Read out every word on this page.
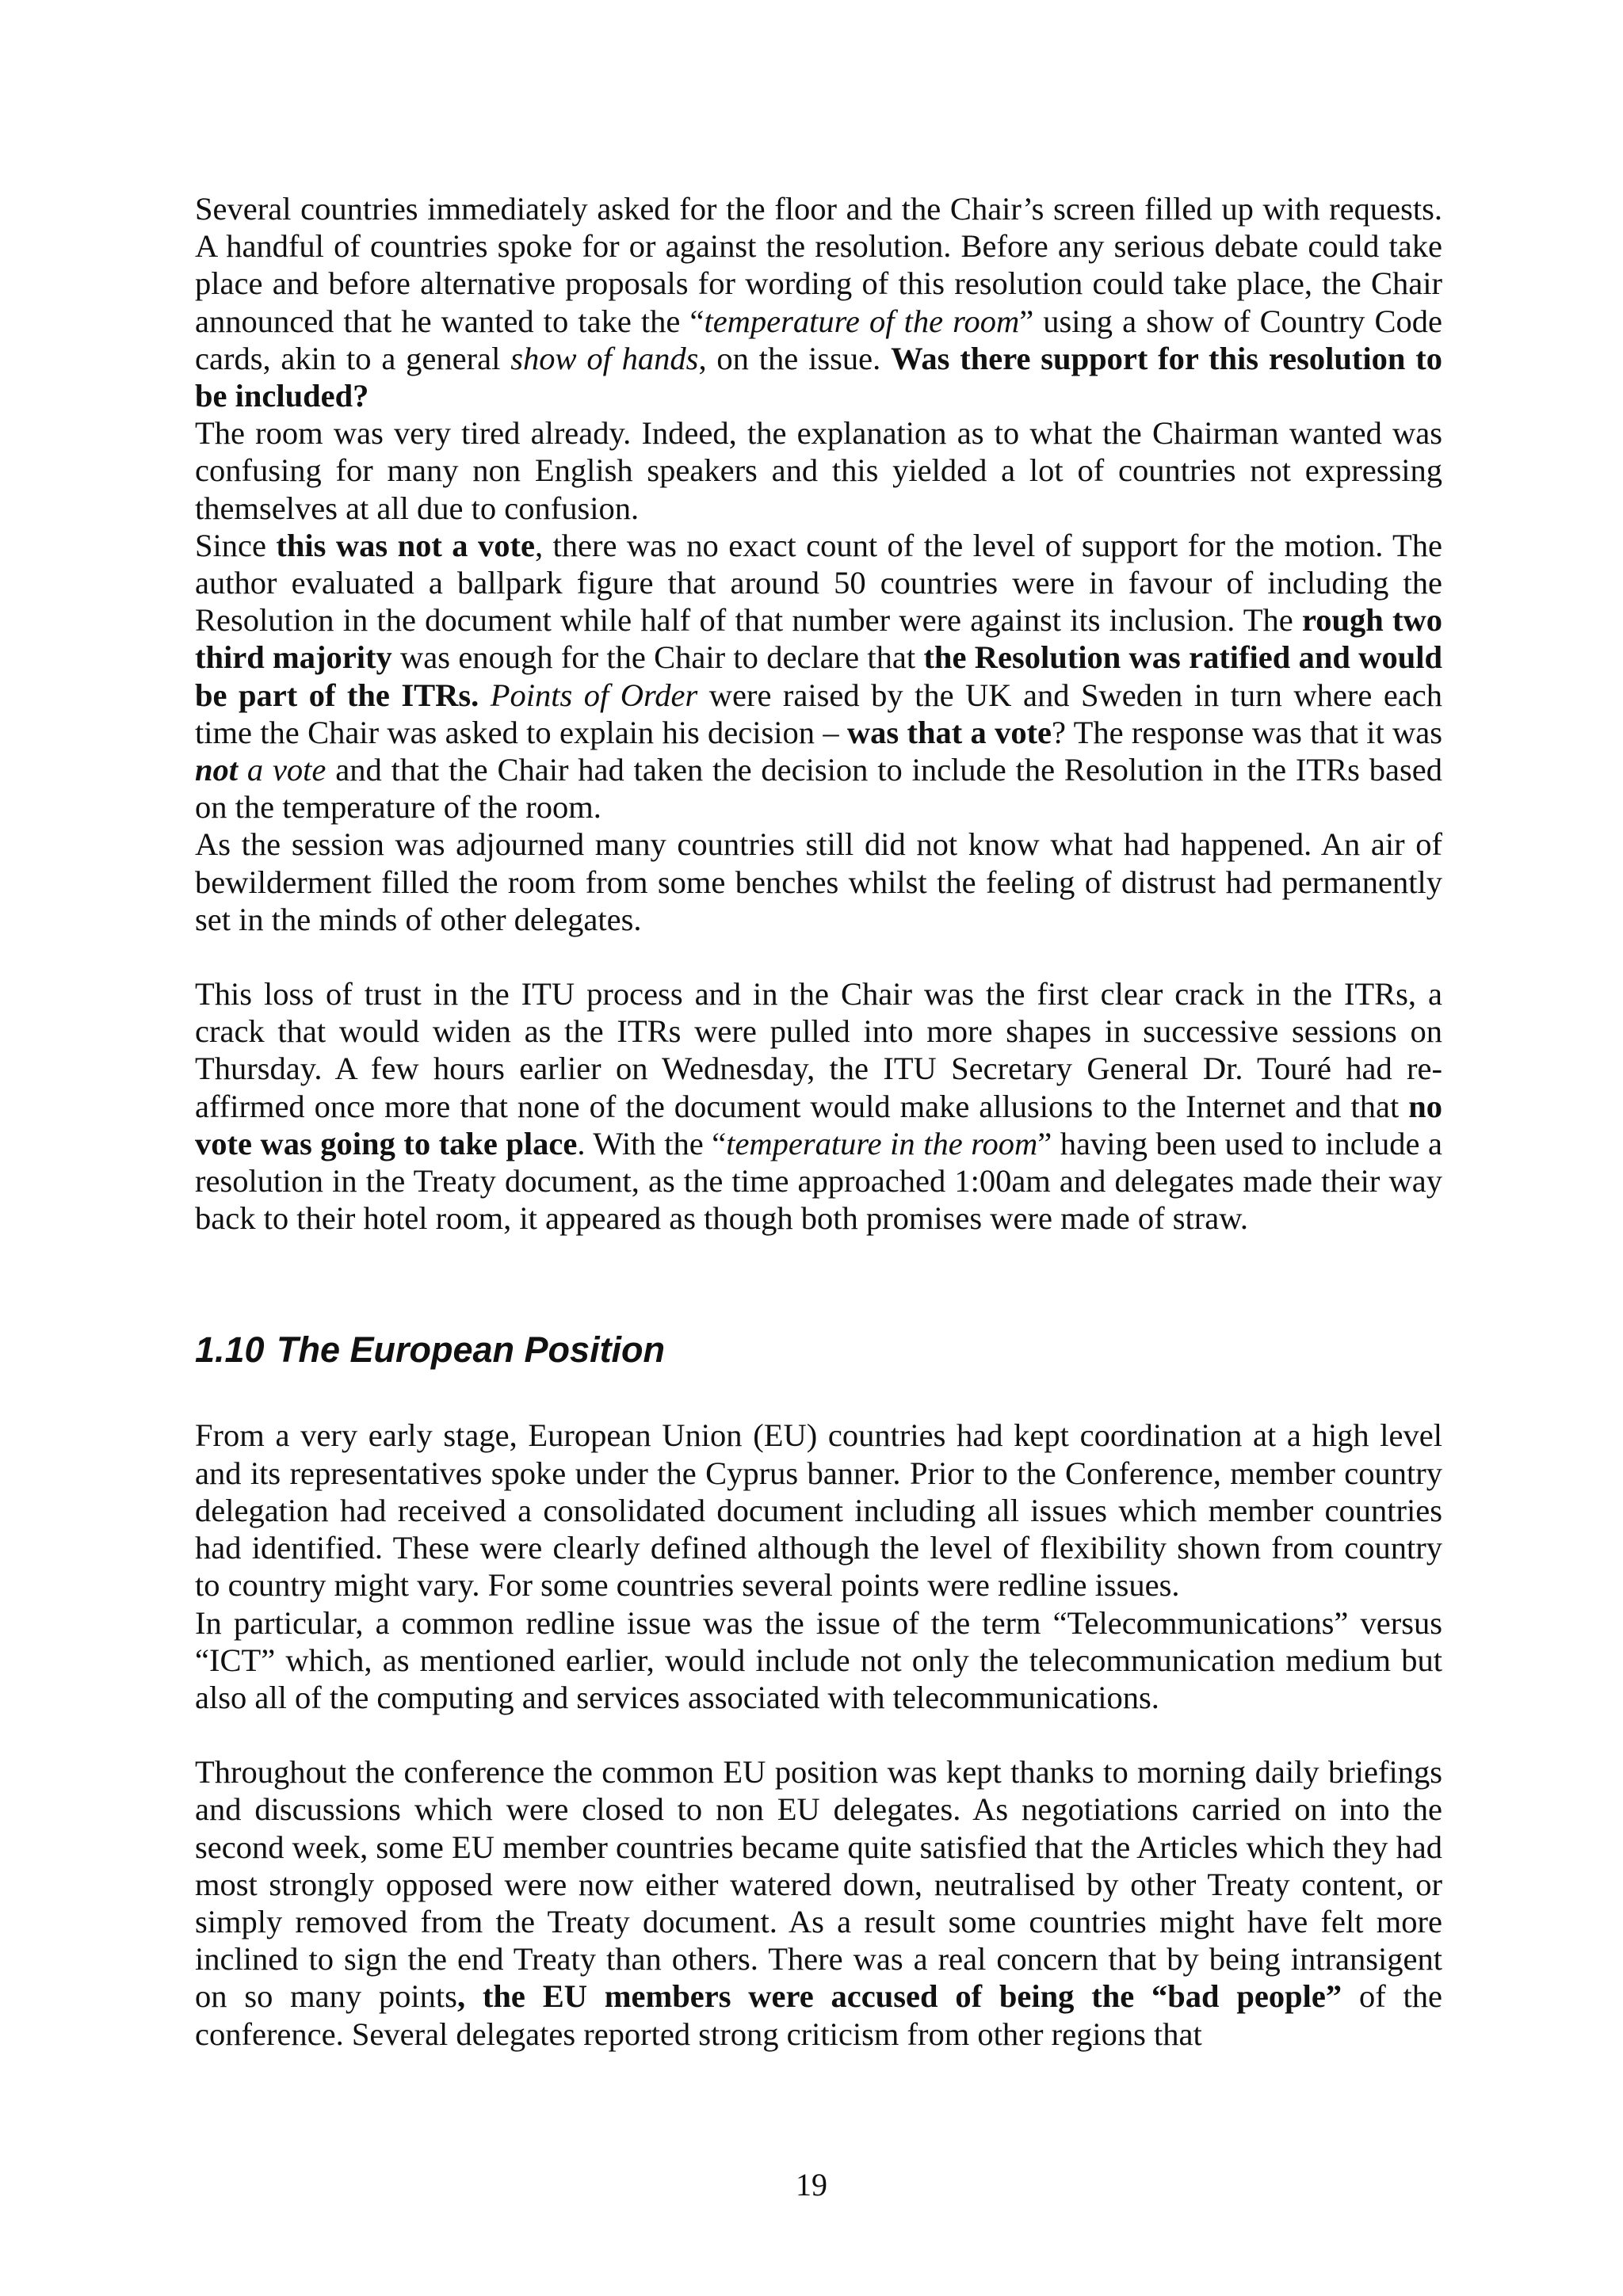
Several countries immediately asked for the floor and the Chair’s screen filled up with requests. A handful of countries spoke for or against the resolution. Before any serious debate could take place and before alternative proposals for wording of this resolution could take place, the Chair announced that he wanted to take the “temperature of the room” using a show of Country Code cards, akin to a general show of hands, on the issue. Was there support for this resolution to be included?

The room was very tired already. Indeed, the explanation as to what the Chairman wanted was confusing for many non English speakers and this yielded a lot of countries not expressing themselves at all due to confusion.

Since this was not a vote, there was no exact count of the level of support for the motion. The author evaluated a ballpark figure that around 50 countries were in favour of including the Resolution in the document while half of that number were against its inclusion. The rough two third majority was enough for the Chair to declare that the Resolution was ratified and would be part of the ITRs. Points of Order were raised by the UK and Sweden in turn where each time the Chair was asked to explain his decision – was that a vote? The response was that it was not a vote and that the Chair had taken the decision to include the Resolution in the ITRs based on the temperature of the room.

As the session was adjourned many countries still did not know what had happened. An air of bewilderment filled the room from some benches whilst the feeling of distrust had permanently set in the minds of other delegates.

This loss of trust in the ITU process and in the Chair was the first clear crack in the ITRs, a crack that would widen as the ITRs were pulled into more shapes in successive sessions on Thursday. A few hours earlier on Wednesday, the ITU Secretary General Dr. Touré had re-affirmed once more that none of the document would make allusions to the Internet and that no vote was going to take place. With the “temperature in the room” having been used to include a resolution in the Treaty document, as the time approached 1:00am and delegates made their way back to their hotel room, it appeared as though both promises were made of straw.

1.10 The European Position

From a very early stage, European Union (EU) countries had kept coordination at a high level and its representatives spoke under the Cyprus banner. Prior to the Conference, member country delegation had received a consolidated document including all issues which member countries had identified. These were clearly defined although the level of flexibility shown from country to country might vary. For some countries several points were redline issues.

In particular, a common redline issue was the issue of the term “Telecommunications” versus “ICT” which, as mentioned earlier, would include not only the telecommunication medium but also all of the computing and services associated with telecommunications.

Throughout the conference the common EU position was kept thanks to morning daily briefings and discussions which were closed to non EU delegates. As negotiations carried on into the second week, some EU member countries became quite satisfied that the Articles which they had most strongly opposed were now either watered down, neutralised by other Treaty content, or simply removed from the Treaty document. As a result some countries might have felt more inclined to sign the end Treaty than others. There was a real concern that by being intransigent on so many points, the EU members were accused of being the “bad people” of the conference. Several delegates reported strong criticism from other regions that

19
